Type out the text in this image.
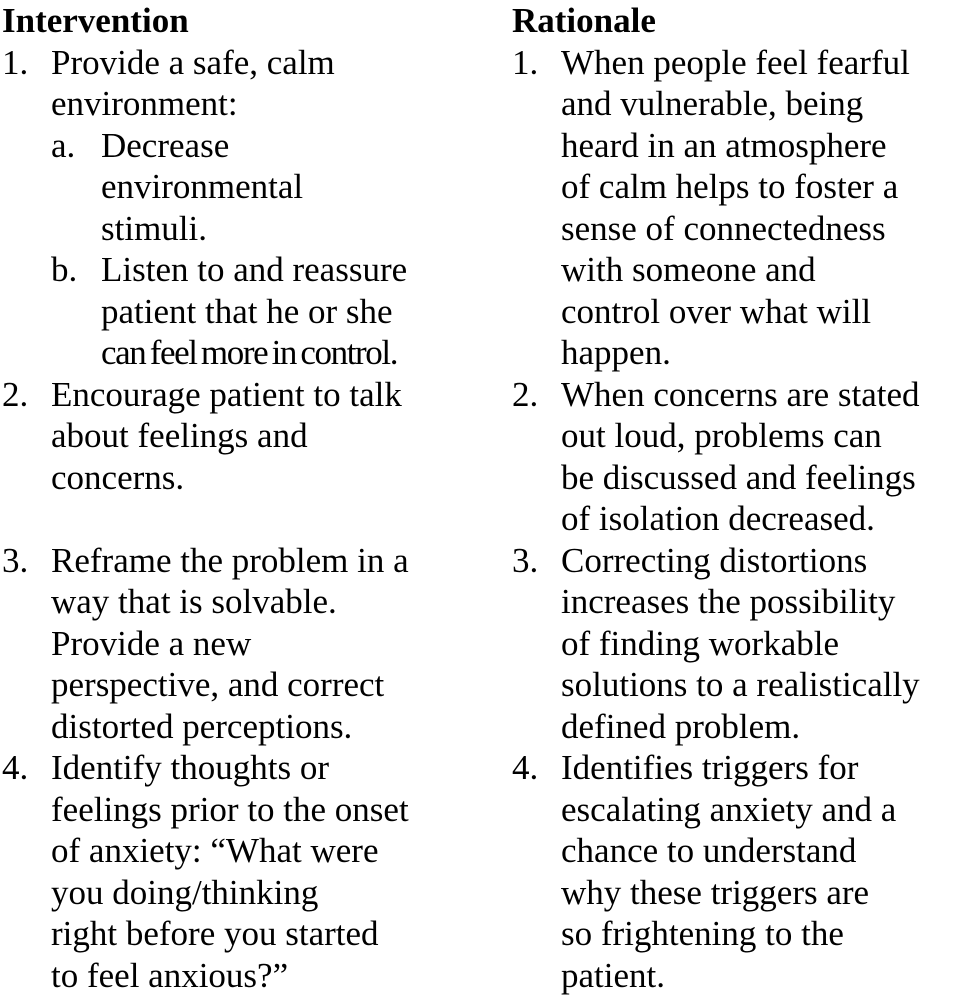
Intervention
1. Provide a safe, calm
environment:
a. Decrease
environmental
stimuli.
b. Listen to and reassure
patient that he or she
can feel more in control.
2. Encourage patient to talk
about feelings and
concerns.
3. Reframe the problem in a
way that is solvable.
Provide a new
perspective, and correct
distorted perceptions.
4. Identify thoughts or
feelings prior to the onset
of anxiety: “What were
you doing/thinking
right before you started
to feel anxious?”
Rationale
1. When people feel fearful
and vulnerable, being
heard in an atmosphere
of calm helps to foster a
sense of connectedness
with someone and
control over what will
happen.
2. When concerns are stated
out loud, problems can
be discussed and feelings
of isolation decreased.
3. Correcting distortions
increases the possibility
of finding workable
solutions to a realistically
defined problem.
4. Identifies triggers for
escalating anxiety and a
chance to understand
why these triggers are
so frightening to the
patient.
